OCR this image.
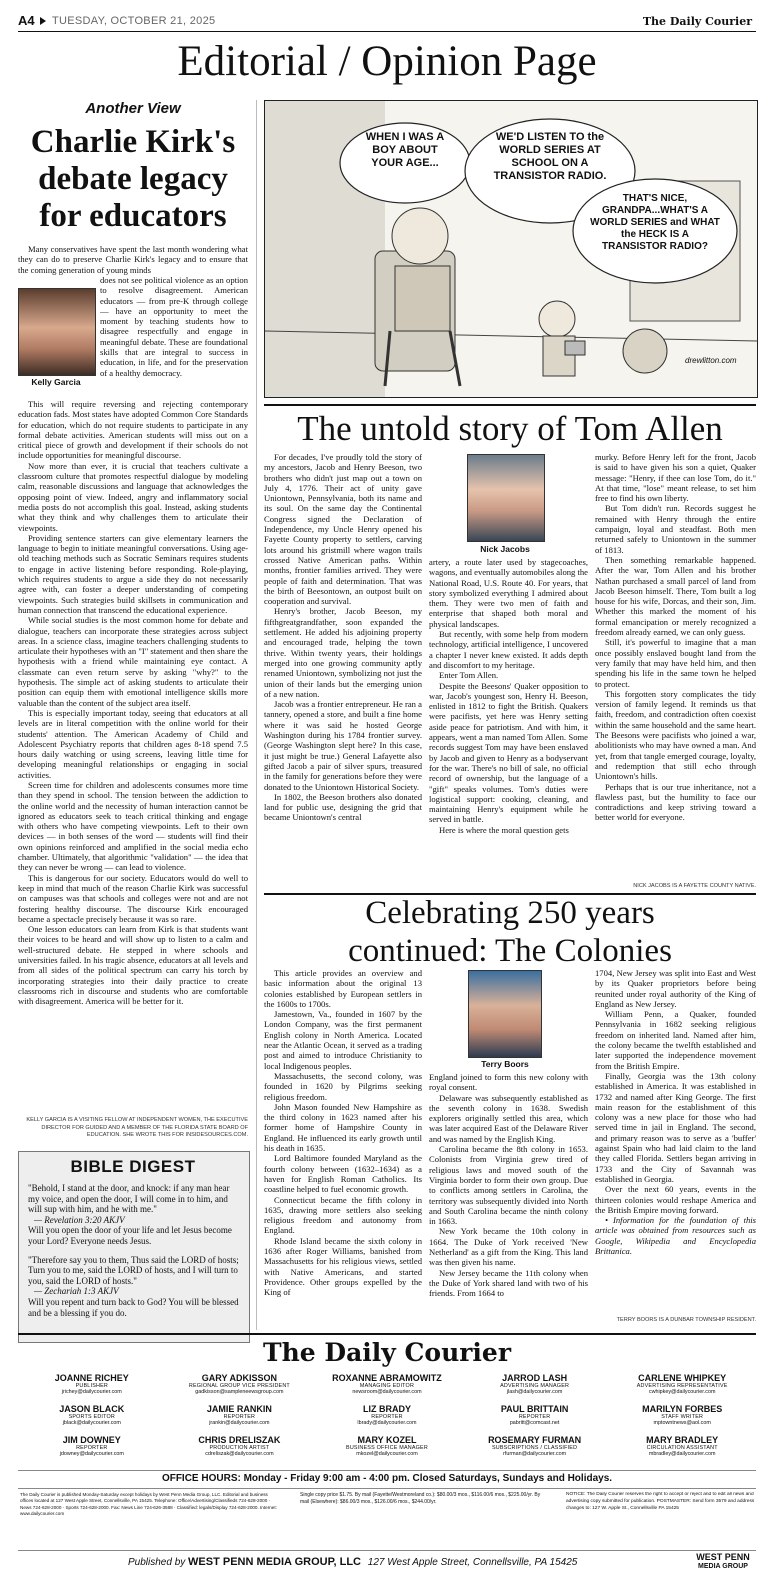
A4 TUESDAY, OCTOBER 21, 2025	The Daily Courier
Editorial / Opinion Page
Another View
Charlie Kirk's debate legacy for educators

Many conservatives have spent the last month wondering what they can do to preserve Charlie Kirk's legacy and to ensure that the coming generation of young minds

Kelly Garcia

does not see political violence as an option to resolve disagreement. American educators — from pre-K through college — have an opportunity to meet the moment by teaching students how to disagree respectfully and engage in meaningful debate. These are foundational skills that are integral to success in education, in life, and for the preservation of a healthy democracy.

This will require reversing and rejecting contemporary education fads. Most states have adopted Common Core Standards for education, which do not require students to participate in any formal debate activities. American students will miss out on a critical piece of growth and development if their schools do not include opportunities for meaningful discourse.

Now more than ever, it is crucial that teachers cultivate a classroom culture that promotes respectful dialogue by modeling calm, reasonable discussions and language that acknowledges the opposing point of view. Indeed, angry and inflammatory social media posts do not accomplish this goal. Instead, asking students what they think and why challenges them to articulate their viewpoints.

Providing sentence starters can give elementary learners the language to begin to initiate meaningful conversations. Using age-old teaching methods such as Socratic Seminars requires students to engage in active listening before responding. Role-playing, which requires students to argue a side they do not necessarily agree with, can foster a deeper understanding of competing viewpoints. Such strategies build skillsets in communication and human connection that transcend the educational experience.

While social studies is the most common home for debate and dialogue, teachers can incorporate these strategies across subject areas. In a science class, imagine teachers challenging students to articulate their hypotheses with an "I" statement and then share the hypothesis with a friend while maintaining eye contact. A classmate can even return serve by asking "why?" to the hypothesis. The simple act of asking students to articulate their position can equip them with emotional intelligence skills more valuable than the content of the subject area itself.

This is especially important today, seeing that educators at all levels are in literal competition with the online world for their students' attention. The American Academy of Child and Adolescent Psychiatry reports that children ages 8-18 spend 7.5 hours daily watching or using screens, leaving little time for developing meaningful relationships or engaging in social activities.

Screen time for children and adolescents consumes more time than they spend in school. The tension between the addiction to the online world and the necessity of human interaction cannot be ignored as educators seek to teach critical thinking and engage with others who have competing viewpoints. Left to their own devices — in both senses of the word — students will find their own opinions reinforced and amplified in the social media echo chamber. Ultimately, that algorithmic "validation" — the idea that they can never be wrong — can lead to violence.

This is dangerous for our society. Educators would do well to keep in mind that much of the reason Charlie Kirk was successful on campuses was that schools and colleges were not and are not fostering healthy discourse. The discourse Kirk encouraged became a spectacle precisely because it was so rare.

One lesson educators can learn from Kirk is that students want their voices to be heard and will show up to listen to a calm and well-structured debate. He stepped in where schools and universities failed. In his tragic absence, educators at all levels and from all sides of the political spectrum can carry his torch by incorporating strategies into their daily practice to create classrooms rich in discourse and students who are comfortable with disagreement. America will be better for it.

KELLY GARCIA IS A VISITING FELLOW AT INDEPENDENT WOMEN, THE EXECUTIVE DIRECTOR FOR GUIDED AND A MEMBER OF THE FLORIDA STATE BOARD OF EDUCATION. SHE WROTE THIS FOR INSIDESOURCES.COM.
BIBLE DIGEST
"Behold, I stand at the door, and knock: if any man hear my voice, and open the door, I will come in to him, and will sup with him, and he with me."
— Revelation 3:20 AKJV
Will you open the door of your life and let Jesus become your Lord? Everyone needs Jesus.
"Therefore say you to them, Thus said the LORD of hosts; Turn you to me, said the LORD of hosts, and I will turn to you, said the LORD of hosts."
— Zechariah 1:3 AKJV
Will you repent and turn back to God? You will be blessed and be a blessing if you do.
WHEN I WAS A BOY ABOUT YOUR AGE...
WE'D LISTEN TO the WORLD SERIES AT SCHOOL ON A TRANSISTOR RADIO.
THAT'S NICE, GRANDPA...WHAT'S A WORLD SERIES and WHAT the HECK IS A TRANSISTOR RADIO?
drewlitton.com
The untold story of Tom Allen

For decades, I've proudly told the story of my ancestors, Jacob and Henry Beeson, two brothers who didn't just map out a town on July 4, 1776. Their act of unity gave Uniontown, Pennsylvania, both its name and its soul. On the same day the Continental Congress signed the Declaration of Independence, my Uncle Henry opened his Fayette County property to settlers, carving lots around his gristmill where wagon trails crossed Native American paths. Within months, frontier families arrived. They were people of faith and determination. That was the birth of Beesontown, an outpost built on cooperation and survival.

Henry's brother, Jacob Beeson, my fifthgreatgrandfather, soon expanded the settlement. He added his adjoining property and encouraged trade, helping the town thrive. Within twenty years, their holdings merged into one growing community aptly renamed Uniontown, symbolizing not just the union of their lands but the emerging union of a new nation.

Jacob was a frontier entrepreneur. He ran a tannery, opened a store, and built a fine home where it was said he hosted George Washington during his 1784 frontier survey. (George Washington slept here? In this case, it just might be true.) General Lafayette also gifted Jacob a pair of silver spurs, treasured in the family for generations before they were donated to the Uniontown Historical Society.

In 1802, the Beeson brothers also donated land for public use, designing the grid that became Uniontown's central

Nick Jacobs

artery, a route later used by stagecoaches, wagons, and eventually automobiles along the National Road, U.S. Route 40. For years, that story symbolized everything I admired about them. They were two men of faith and enterprise that shaped both moral and physical landscapes.

But recently, with some help from modern technology, artificial intelligence, I uncovered a chapter I never knew existed. It adds depth and discomfort to my heritage.

Enter Tom Allen.

Despite the Beesons' Quaker opposition to war, Jacob's youngest son, Henry H. Beeson, enlisted in 1812 to fight the British. Quakers were pacifists, yet here was Henry setting aside peace for patriotism. And with him, it appears, went a man named Tom Allen. Some records suggest Tom may have been enslaved by Jacob and given to Henry as a bodyservant for the war. There's no bill of sale, no official record of ownership, but the language of a "gift" speaks volumes. Tom's duties were logistical support: cooking, cleaning, and maintaining Henry's equipment while he served in battle.

Here is where the moral question gets

murky. Before Henry left for the front, Jacob is said to have given his son a quiet, Quaker message: "Henry, if thee can lose Tom, do it." At that time, "lose" meant release, to set him free to find his own liberty.

But Tom didn't run. Records suggest he remained with Henry through the entire campaign, loyal and steadfast. Both men returned safely to Uniontown in the summer of 1813.

Then something remarkable happened. After the war, Tom Allen and his brother Nathan purchased a small parcel of land from Jacob Beeson himself. There, Tom built a log house for his wife, Dorcas, and their son, Jim. Whether this marked the moment of his formal emancipation or merely recognized a freedom already earned, we can only guess.

Still, it's powerful to imagine that a man once possibly enslaved bought land from the very family that may have held him, and then spending his life in the same town he helped to protect.

This forgotten story complicates the tidy version of family legend. It reminds us that faith, freedom, and contradiction often coexist within the same household and the same heart. The Beesons were pacifists who joined a war, abolitionists who may have owned a man. And yet, from that tangle emerged courage, loyalty, and redemption that still echo through Uniontown's hills.

Perhaps that is our true inheritance, not a flawless past, but the humility to face our contradictions and keep striving toward a better world for everyone.

NICK JACOBS IS A FAYETTE COUNTY NATIVE.
Celebrating 250 years continued: The Colonies

This article provides an overview and basic information about the original 13 colonies established by European settlers in the 1600s to 1700s.

Jamestown, Va., founded in 1607 by the London Company, was the first permanent English colony in North America. Located near the Atlantic Ocean, it served as a trading post and aimed to introduce Christianity to local Indigenous peoples.

Massachusetts, the second colony, was founded in 1620 by Pilgrims seeking religious freedom.

John Mason founded New Hampshire as the third colony in 1623 named after his former home of Hampshire County in England. He influenced its early growth until his death in 1635.

Lord Baltimore founded Maryland as the fourth colony between (1632–1634) as a haven for English Roman Catholics. Its coastline helped to fuel economic growth.

Connecticut became the fifth colony in 1635, drawing more settlers also seeking religious freedom and autonomy from England.

Rhode Island became the sixth colony in 1636 after Roger Williams, banished from Massachusetts for his religious views, settled with Native Americans, and started Providence. Other groups expelled by the King of

Terry Boors

England joined to form this new colony with royal consent.

Delaware was subsequently established as the seventh colony in 1638. Swedish explorers originally settled this area, which was later acquired East of the Delaware River and was named by the English King.

Carolina became the 8th colony in 1653. Colonists from Virginia grew tired of religious laws and moved south of the Virginia border to form their own group. Due to conflicts among settlers in Carolina, the territory was subsequently divided into North and South Carolina became the ninth colony in 1663.

New York became the 10th colony in 1664. The Duke of York received 'New Netherland' as a gift from the King. This land was then given his name.

New Jersey became the 11th colony when the Duke of York shared land with two of his friends. From 1664 to

1704, New Jersey was split into East and West by its Quaker proprietors before being reunited under royal authority of the King of England as New Jersey.

William Penn, a Quaker, founded Pennsylvania in 1682 seeking religious freedom on inherited land. Named after him, the colony became the twelfth established and later supported the independence movement from the British Empire.

Finally, Georgia was the 13th colony established in America. It was established in 1732 and named after King George. The first main reason for the establishment of this colony was a new place for those who had served time in jail in England. The second, and primary reason was to serve as a 'buffer' against Spain who had laid claim to the land they called Florida. Settlers began arriving in 1733 and the City of Savannah was established in Georgia.

Over the next 60 years, events in the thirteen colonies would reshape America and the British Empire moving forward.

• Information for the foundation of this article was obtained from resources such as Google, Wikipedia and Encyclopedia Brittanica.

TERRY BOORS IS A DUNBAR TOWNSHIP RESIDENT.
The Daily Courier
JOANNE RICHEY
PUBLISHER
jrichey@dailycourier.com
GARY ADKISSON
REGIONAL GROUP VICE PRESIDENT
gadkisson@sampleneewsgroup.com
ROXANNE ABRAMOWITZ
MANAGING EDITOR
newsroom@dailycourier.com
JARROD LASH
ADVERTISING MANAGER
jlash@dailycourier.com
CARLENE WHIPKEY
ADVERTISING REPRESENTATIVE
cwhipkey@dailycourier.com
JASON BLACK
SPORTS EDITOR
jblack@dailycourier.com
JAMIE RANKIN
REPORTER
jrankin@dailycourier.com
LIZ BRADY
REPORTER
lbrady@dailycourier.com
PAUL BRITTAIN
REPORTER
pabritt@comcast.net
MARILYN FORBES
STAFF WRITER
mptowntnews@aol.com
JIM DOWNEY
REPORTER
jdowney@dailycourier.com
CHRIS DRELISZAK
PRODUCTION ARTIST
cdreliszak@dailycourier.com
MARY KOZEL
BUSINESS OFFICE MANAGER
mkozel@dailycourier.com
ROSEMARY FURMAN
SUBSCRIPTIONS / CLASSIFIED
rfurman@dailycourier.com
MARY BRADLEY
CIRCULATION ASSISTANT
mbradley@dailycourier.com
OFFICE HOURS: Monday - Friday 9:00 am - 4:00 pm. Closed Saturdays, Sundays and Holidays.
The Daily Courier is published Monday-Saturday except holidays by West Penn Media Group, LLC. Editorial and business offices located at 127 West Apple Street, Connellsville, PA 15425. Telephone: Office/Advertising/Classifieds 724-628-2000 · News 724-628-2000 · Sports 724-628-2000. Fax: News Line 724-626-3588 · Classified: legals/Display 724-628-2000. Internet: www.dailycourier.com
Single copy price $1.75. By mail (Fayette/Westmoreland co.): $80.00/3 mos., $116.00/6 mos., $225.00/yr. By mail (Elsewhere): $86.00/3 mos., $126.00/6 mos., $244.00/yr.
NOTICE: The Daily Courier reserves the right to accept or reject and to edit all news and advertising copy submitted for publication. POSTMASTER: Send form 3579 and address changes to: 127 W. Apple St., Connellsville PA 15425
Published by WEST PENN MEDIA GROUP, LLC 127 West Apple Street, Connellsville, PA 15425	WEST PENN
MEDIA GROUP
